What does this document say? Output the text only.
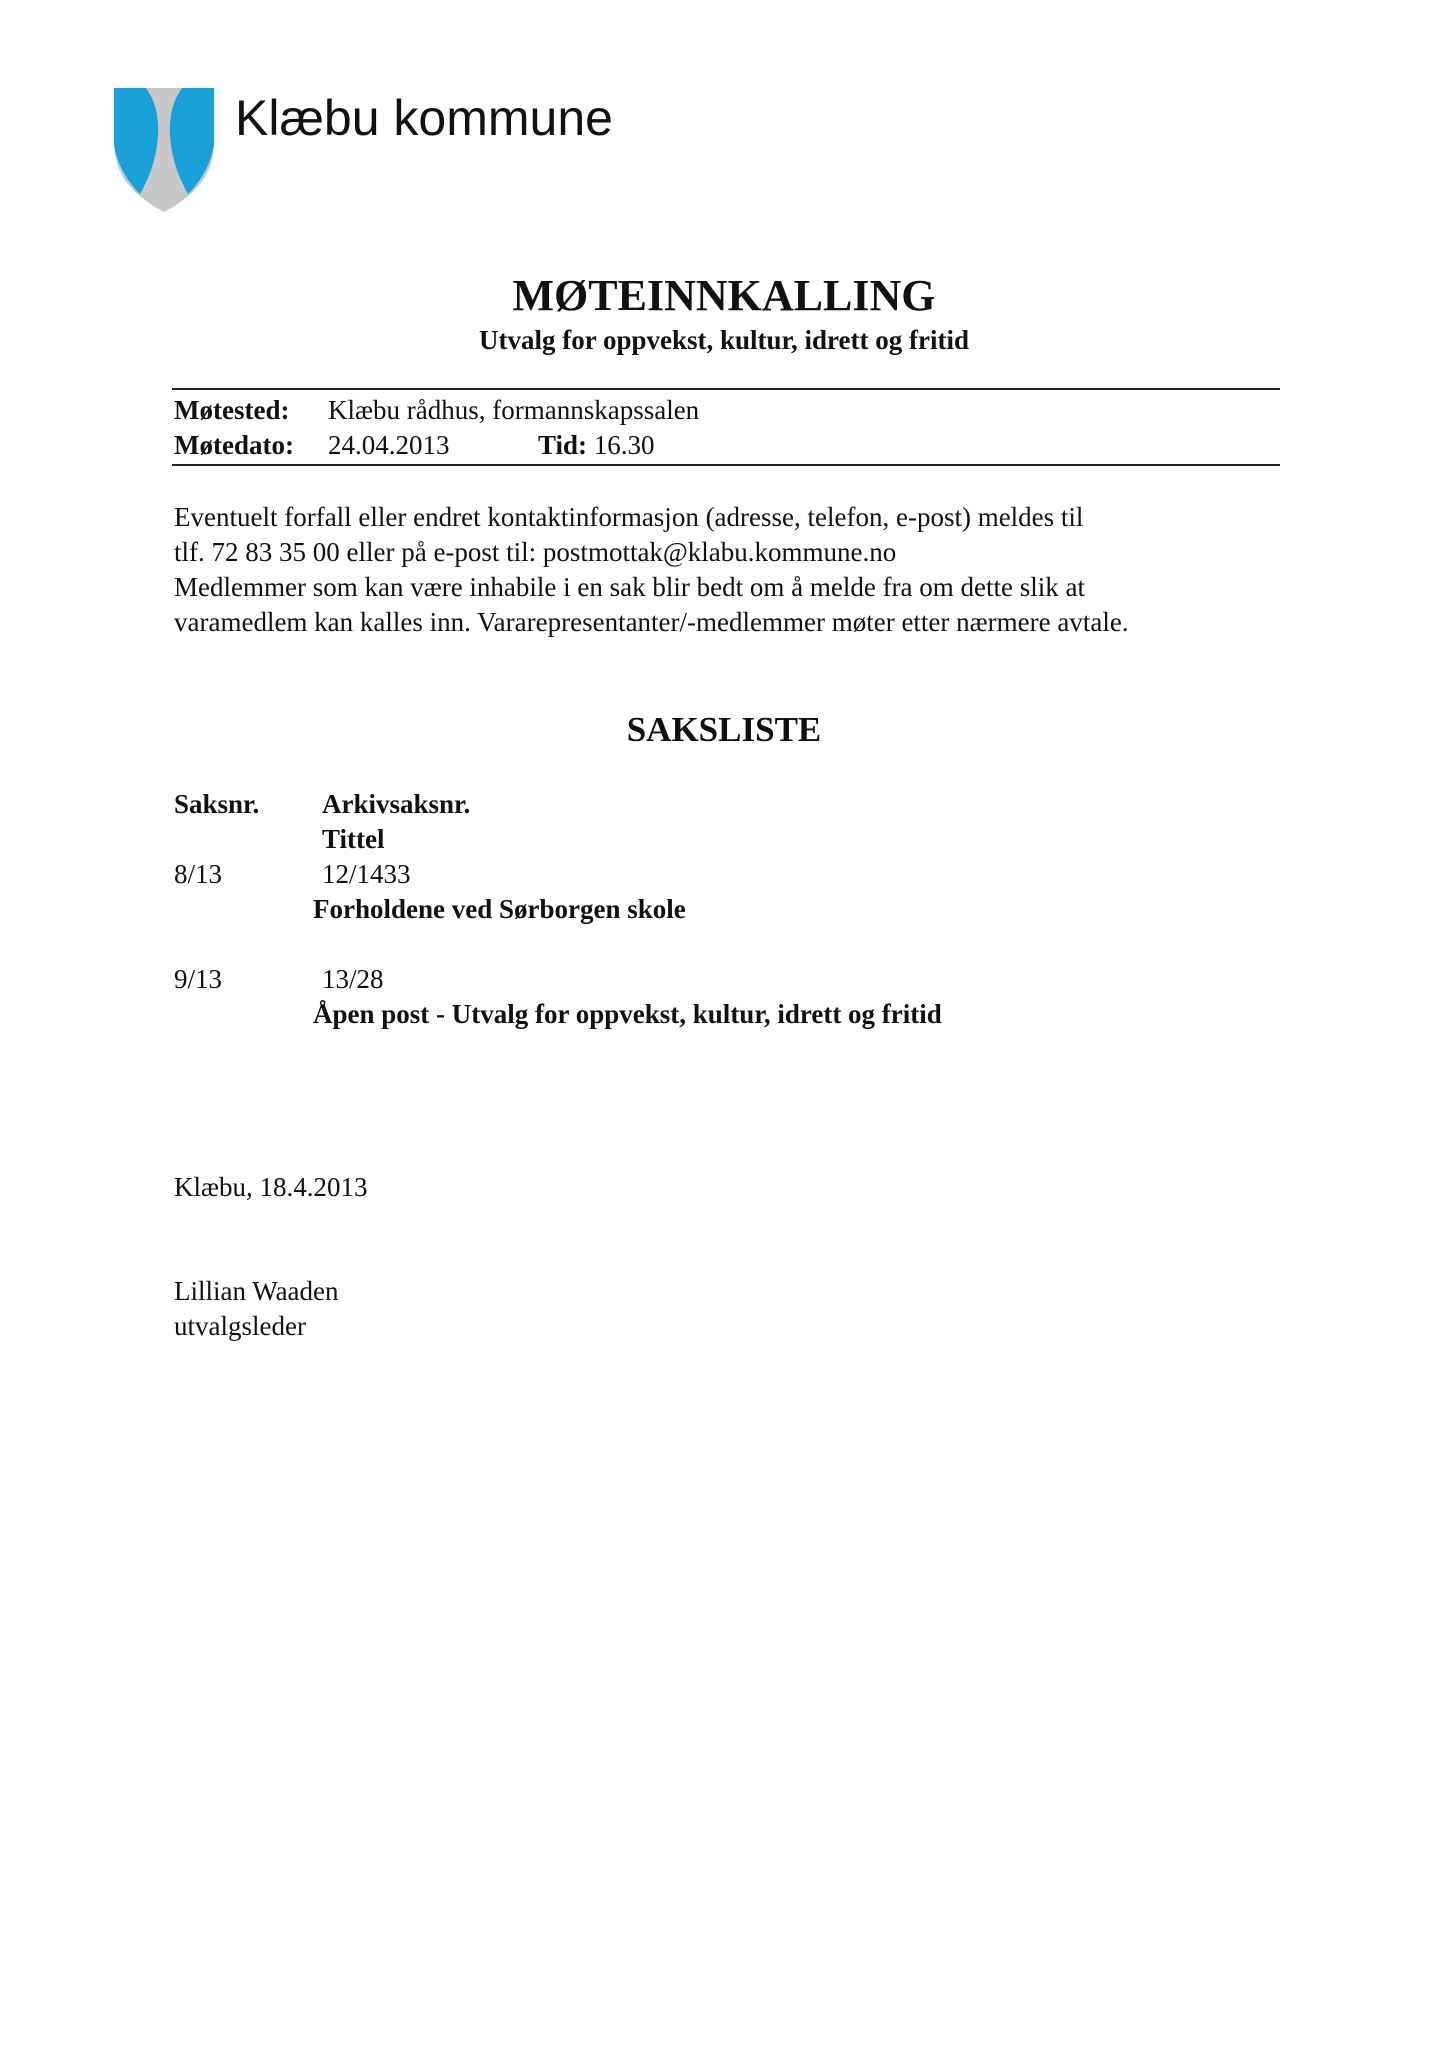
Klæbu kommune
MØTEINNKALLING
Utvalg for oppvekst, kultur, idrett og fritid
Møtested: Klæbu rådhus, formannskapssalen
Møtedato: 24.04.2013	Tid: 16.30
Eventuelt forfall eller endret kontaktinformasjon (adresse, telefon, e-post) meldes til
tlf. 72 83 35 00 eller på e-post til: postmottak@klabu.kommune.no
Medlemmer som kan være inhabile i en sak blir bedt om å melde fra om dette slik at
varamedlem kan kalles inn. Vararepresentanter/-medlemmer møter etter nærmere avtale.
SAKSLISTE
Saksnr. Arkivsaksnr.
Tittel
8/13	12/1433
Forholdene ved Sørborgen skole
9/13	13/28
Åpen post - Utvalg for oppvekst, kultur, idrett og fritid
Klæbu, 18.4.2013
Lillian Waaden
utvalgsleder
